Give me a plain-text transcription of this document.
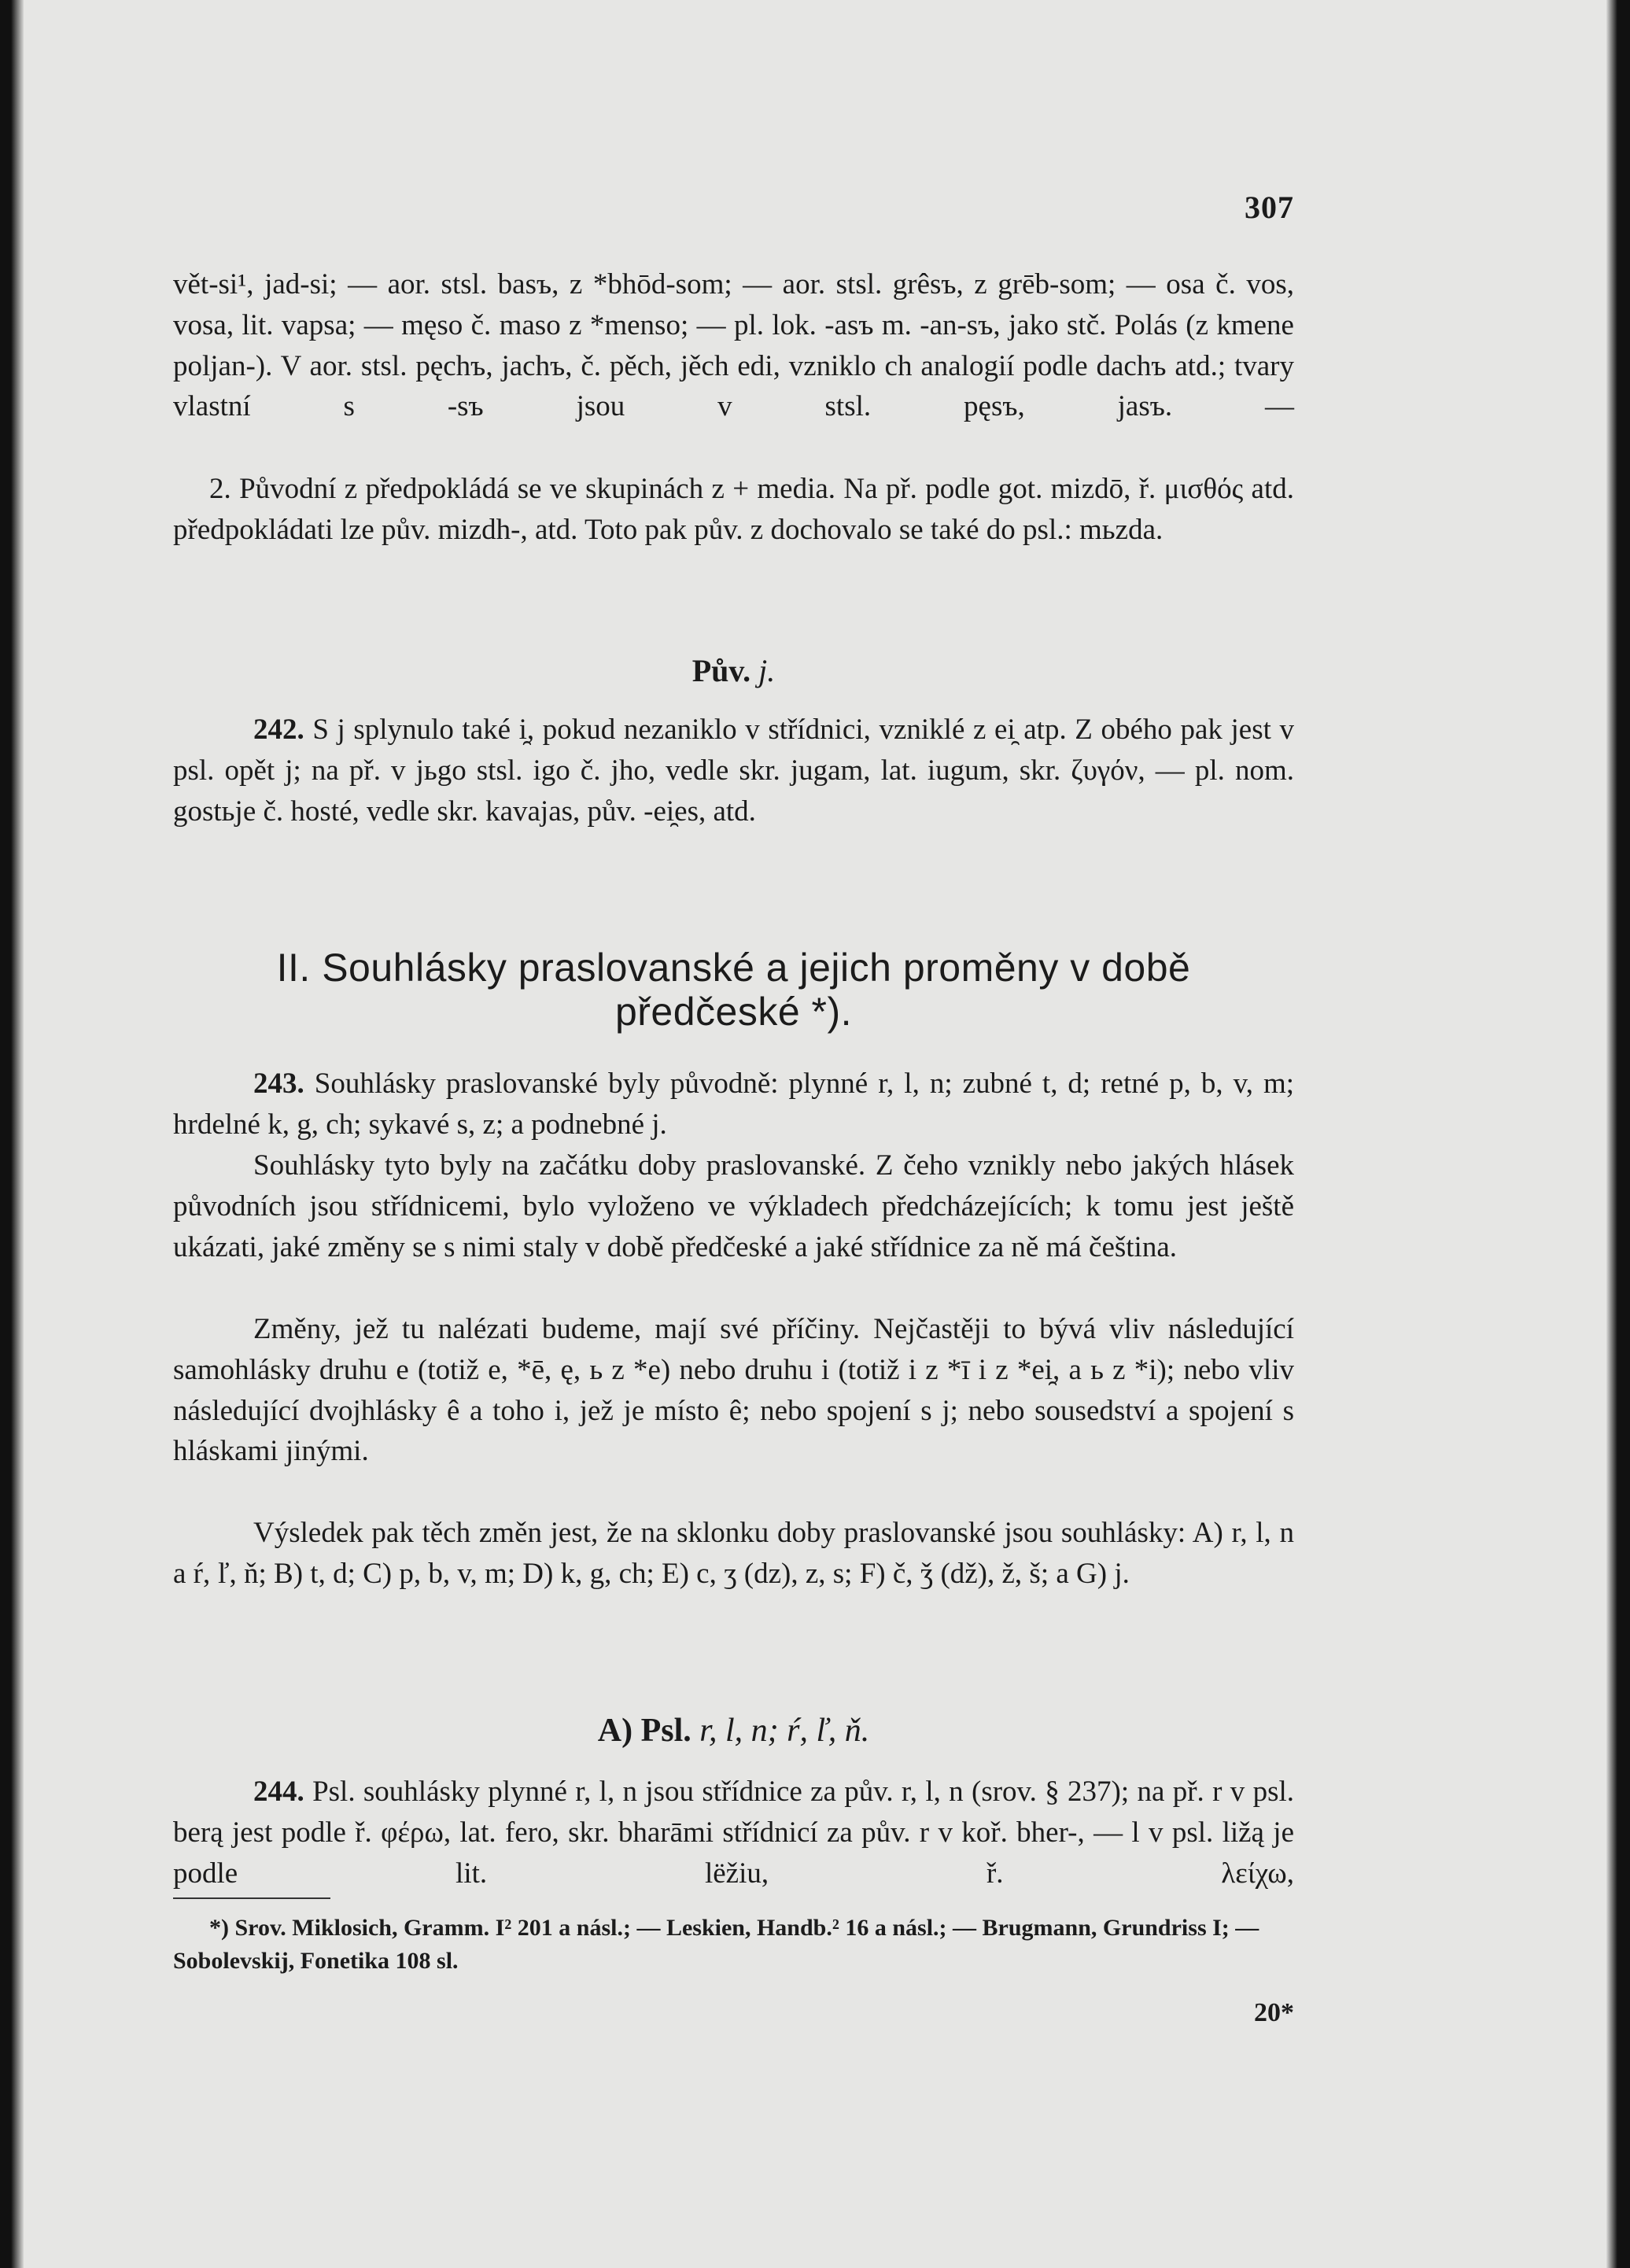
307
vět-si¹, jad-si; — aor. stsl. basъ, z *bhōd-som; — aor. stsl. grêsъ, z grēb-som; — osa č. vos, vosa, lit. vapsa; — męso č. maso z *menso; — pl. lok. -asъ m. -an-sъ, jako stč. Polás (z kmene poljan-). V aor. stsl. pęchъ, jachъ, č. pěch, jěch edi, vzniklo ch analogií podle dachъ atd.; tvary vlastní s -sъ jsou v stsl. pęsъ, jasъ. —
2. Původní z předpokládá se ve skupinách z + media. Na př. podle got. mizdō, ř. μισθός atd. předpokládati lze pův. mizdh-, atd. Toto pak pův. z dochovalo se také do psl.: mьzda.
Pův. j.
242. S j splynulo také i̯, pokud nezaniklo v střídnici, vzniklé z ei̯ atp. Z obého pak jest v psl. opět j; na př. v jьgo stsl. igo č. jho, vedle skr. jugam, lat. iugum, skr. ζυγόν, — pl. nom. gostьje č. hosté, vedle skr. kavajas, pův. -ei̯es, atd.
II. Souhlásky praslovanské a jejich proměny v době
předčeské *).
243. Souhlásky praslovanské byly původně: plynné r, l, n; zubné t, d; retné p, b, v, m; hrdelné k, g, ch; sykavé s, z; a podnebné j.
Souhlásky tyto byly na začátku doby praslovanské. Z čeho vznikly nebo jakých hlásek původních jsou střídnicemi, bylo vyloženo ve výkladech předcházejících; k tomu jest ještě ukázati, jaké změny se s nimi staly v době předčeské a jaké střídnice za ně má čeština.
Změny, jež tu nalézati budeme, mají své příčiny. Nejčastěji to bývá vliv následující samohlásky druhu e (totiž e, *ē, ę, ь z *e) nebo druhu i (totiž i z *ī i z *ei̯, a ь z *i); nebo vliv následující dvojhlásky ê a toho i, jež je místo ê; nebo spojení s j; nebo sousedství a spojení s hláskami jinými.
Výsledek pak těch změn jest, že na sklonku doby praslovanské jsou souhlásky: A) r, l, n a ŕ, ľ, ň; B) t, d; C) p, b, v, m; D) k, g, ch; E) c, ʒ (dz), z, s; F) č, ǯ (dž), ž, š; a G) j.
A) Psl. r, l, n; ŕ, ľ, ň.
244. Psl. souhlásky plynné r, l, n jsou střídnice za pův. r, l, n (srov. § 237); na př. r v psl. berą jest podle ř. φέρω, lat. fero, skr. bharāmi střídnicí za pův. r v koř. bher-, — l v psl. ližą je podle lit. lëžiu, ř. λείχω,
*) Srov. Miklosich, Gramm. I² 201 a násl.; — Leskien, Handb.² 16 a násl.; — Brugmann, Grundriss I; — Sobolevskij, Fonetika 108 sl.
20*
